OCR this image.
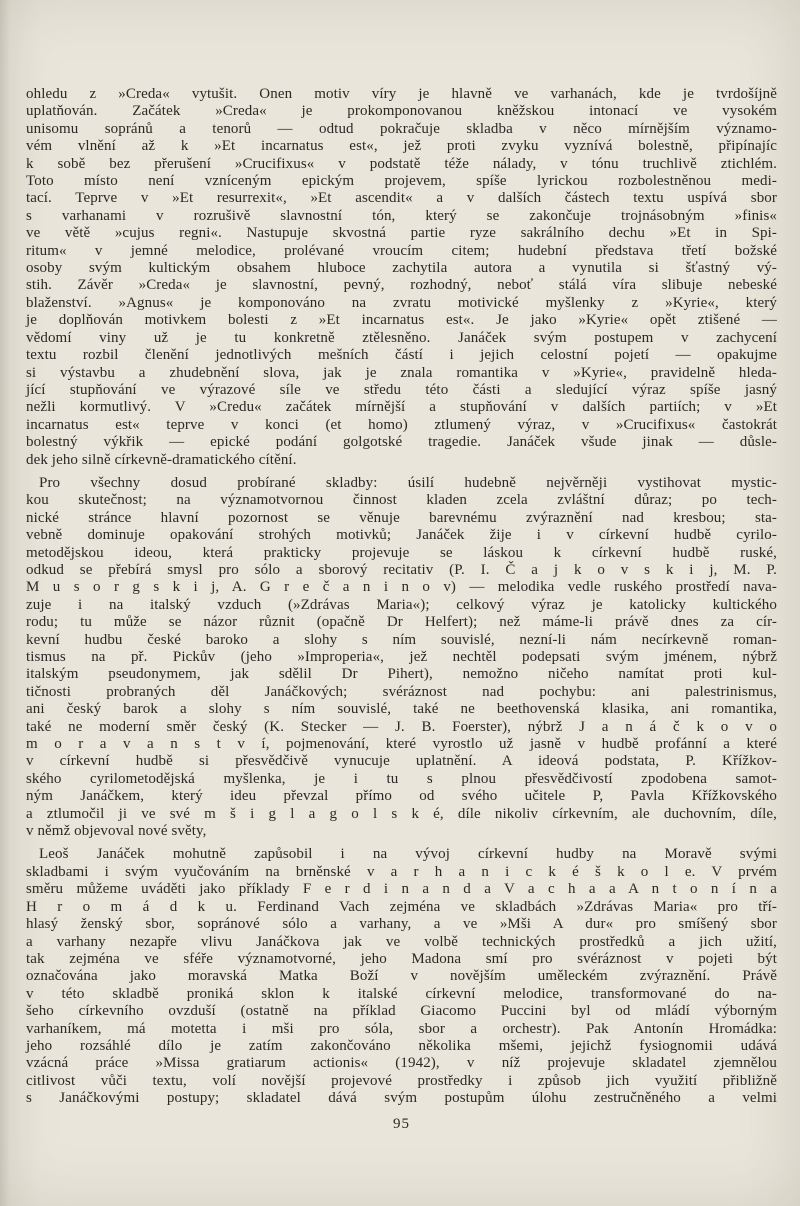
ohledu z »Creda« vytušit. Onen motiv víry je hlavně ve varhanách, kde je tvrdošíjně
uplatňován. Začátek »Creda« je prokomponovanou kněžskou intonací ve vysokém
unisomu sopránů a tenorů — odtud pokračuje skladba v něco mírnějším významo-
vém vlnění až k »Et incarnatus est«, jež proti zvyku vyznívá bolestně, připínajíc
k sobě bez přerušení »Crucifixus« v podstatě téže nálady, v tónu truchlivě ztichlém.
Toto místo není vzníceným epickým projevem, spíše lyrickou rozbolestněnou medi-
tací. Teprve v »Et resurrexit«, »Et ascendit« a v dalších částech textu uspívá sbor
s varhanami v rozrušivě slavnostní tón, který se zakončuje trojnásobným »finis«
ve větě »cujus regni«. Nastupuje skvostná partie ryze sakrálního dechu »Et in Spi-
ritum« v jemné melodice, prolévané vroucím citem; hudební představa třetí božské
osoby svým kultickým obsahem hluboce zachytila autora a vynutila si šťastný vý-
stih. Závěr »Creda« je slavnostní, pevný, rozhodný, neboť stálá víra slibuje nebeské
blaženství. »Agnus« je komponováno na zvratu motivické myšlenky z »Kyrie«, který
je doplňován motivkem bolesti z »Et incarnatus est«. Je jako »Kyrie« opět ztišené —
vědomí viny už je tu konkretně ztělesněno. Janáček svým postupem v zachycení
textu rozbil členění jednotlivých mešních částí i jejich celostní pojetí — opakujme
si výstavbu a zhudebnění slova, jak je znala romantika v »Kyrie«, pravidelně hleda-
jící stupňování ve výrazové síle ve středu této části a sledující výraz spíše jasný
nežli kormutlivý. V »Credu« začátek mírnější a stupňování v dalších partiích; v »Et
incarnatus est« teprve v konci (et homo) ztlumený výraz, v »Crucifixus« častokrát
bolestný výkřik — epické podání golgotské tragedie. Janáček všude jinak — důsle-
dek jeho silně církevně-dramatického cítění.
Pro všechny dosud probírané skladby: úsilí hudebně nejvěrněji vystihovat mystic-
kou skutečnost; na významotvornou činnost kladen zcela zvláštní důraz; po tech-
nické stránce hlavní pozornost se věnuje barevnému zvýraznění nad kresbou; sta-
vebně dominuje opakování strohých motivků; Janáček žije i v církevní hudbě cyrilo-
metodějskou ideou, která prakticky projevuje se láskou k církevní hudbě ruské,
odkud se přebírá smysl pro sólo a sborový recitativ (P. I. Č a j k o v s k i j, M. P.
M u s o r g s k i j, A. G r e č a n i n o v) — melodika vedle ruského prostředí nava-
zuje i na italský vzduch (»Zdrávas Maria«); celkový výraz je katolicky kultického
rodu; tu může se názor různit (opačně Dr Helfert); než máme-li právě dnes za cír-
kevní hudbu české baroko a slohy s ním souvislé, nezní-li nám necírkevně roman-
tismus na př. Pickův (jeho »Improperia«, jež nechtěl podepsati svým jménem, nýbrž
italským pseudonymem, jak sdělil Dr Pihert), nemožno ničeho namítat proti kul-
tičnosti probraných děl Janáčkových; svéráznost nad pochybu: ani palestrinismus,
ani český barok a slohy s ním souvislé, také ne beethovenská klasika, ani romantika,
také ne moderní směr český (K. Stecker — J. B. Foerster), nýbrž J a n á č k o v o
m o r a v a n s t v í, pojmenování, které vyrostlo už jasně v hudbě profánní a které
v církevní hudbě si přesvědčivě vynucuje uplatnění. A ideová podstata, P. Křížkov-
ského cyrilometodějská myšlenka, je i tu s plnou přesvědčivostí zpodobena samot-
ným Janáčkem, který ideu převzal přímo od svého učitele P, Pavla Křížkovského
a ztlumočil ji ve své m š i g l a g o l s k é, díle nikoliv církevním, ale duchovním, díle,
v němž objevoval nové světy,
Leoš Janáček mohutně zapůsobil i na vývoj církevní hudby na Moravě svými
skladbami i svým vyučováním na brněnské v a r h a n i c k é š k o l e. V prvém
směru můžeme uváděti jako příklady F e r d i n a n d a V a c h a a A n t o n í n a
H r o m á d k u. Ferdinand Vach zejména ve skladbách »Zdrávas Maria« pro tří-
hlasý ženský sbor, sopránové sólo a varhany, a ve »Mši A dur« pro smíšený sbor
a varhany nezapře vlivu Janáčkova jak ve volbě technických prostředků a jich užití,
tak zejména ve sféře významotvorné, jeho Madona smí pro svéráznost v pojeti být
označována jako moravská Matka Boží v novějším uměleckém zvýraznění. Právě
v této skladbě proniká sklon k italské církevní melodice, transformované do na-
šeho církevního ovzduší (ostatně na příklad Giacomo Puccini byl od mládí výborným
varhaníkem, má motetta i mši pro sóla, sbor a orchestr). Pak Antonín Hromádka:
jeho rozsáhlé dílo je zatím zakončováno několika mšemi, jejichž fysiognomii udává
vzácná práce »Missa gratiarum actionis« (1942), v níž projevuje skladatel zjemnělou
citlivost vůči textu, volí novější projevové prostředky i způsob jich využití přibližně
s Janáčkovými postupy; skladatel dává svým postupům úlohu zestručněného a velmi
95
